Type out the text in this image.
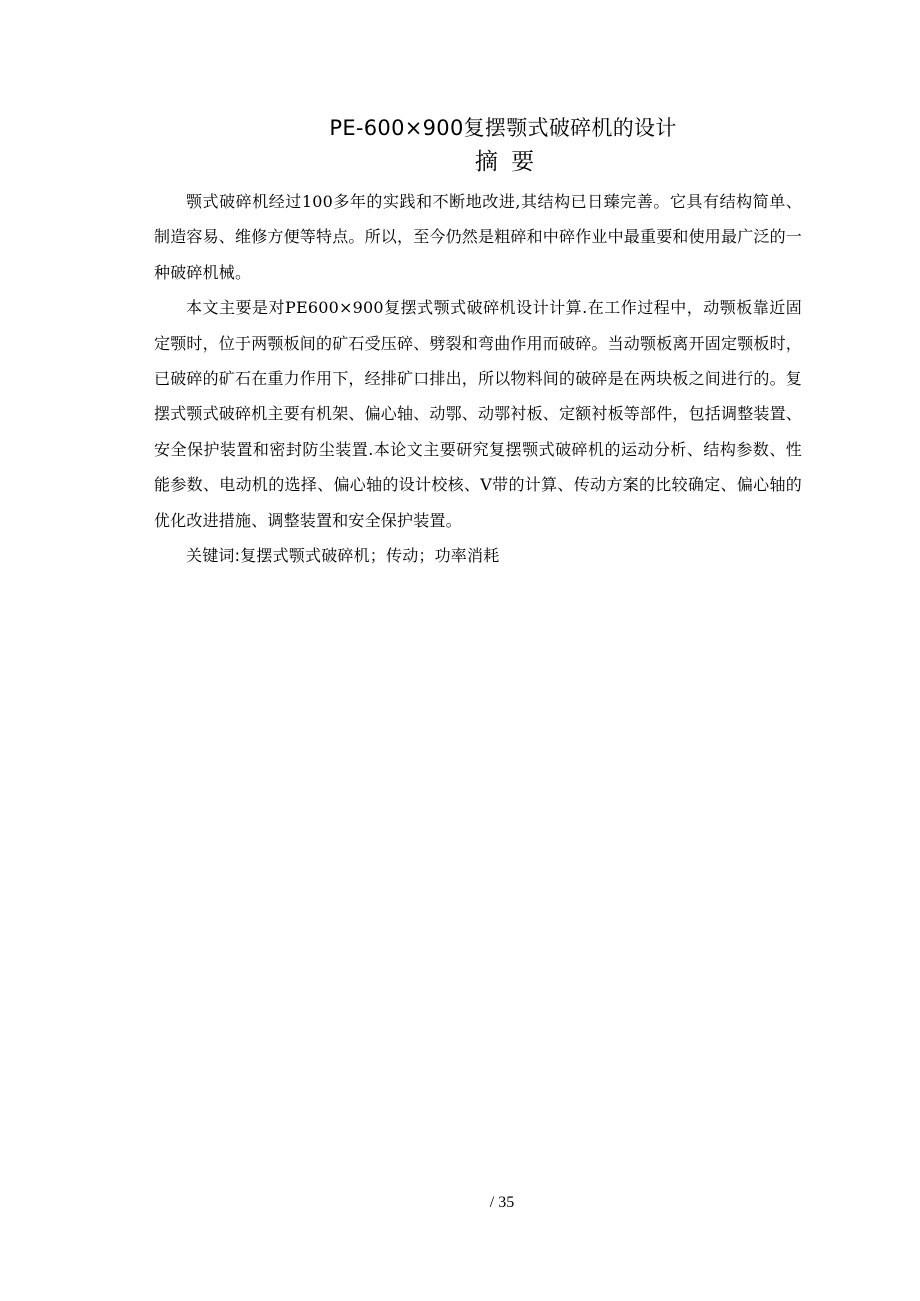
PE-600×900复摆颚式破碎机的设计
摘 要

颚式破碎机经过100多年的实践和不断地改进,其结构已日臻完善。它具有结构简单、制造容易、维修方便等特点。所以，至今仍然是粗碎和中碎作业中最重要和使用最广泛的一种破碎机械。

本文主要是对PE600×900复摆式颚式破碎机设计计算.在工作过程中，动颚板靠近固定颚时，位于两颚板间的矿石受压碎、劈裂和弯曲作用而破碎。当动颚板离开固定颚板时，已破碎的矿石在重力作用下，经排矿口排出，所以物料间的破碎是在两块板之间进行的。复摆式颚式破碎机主要有机架、偏心轴、动鄂、动鄂衬板、定额衬板等部件，包括调整装置、安全保护装置和密封防尘装置.本论文主要研究复摆颚式破碎机的运动分析、结构参数、性能参数、电动机的选择、偏心轴的设计校核、V带的计算、传动方案的比较确定、偏心轴的优化改进措施、调整装置和安全保护装置。

关键词:复摆式颚式破碎机；传动；功率消耗

/ 35
